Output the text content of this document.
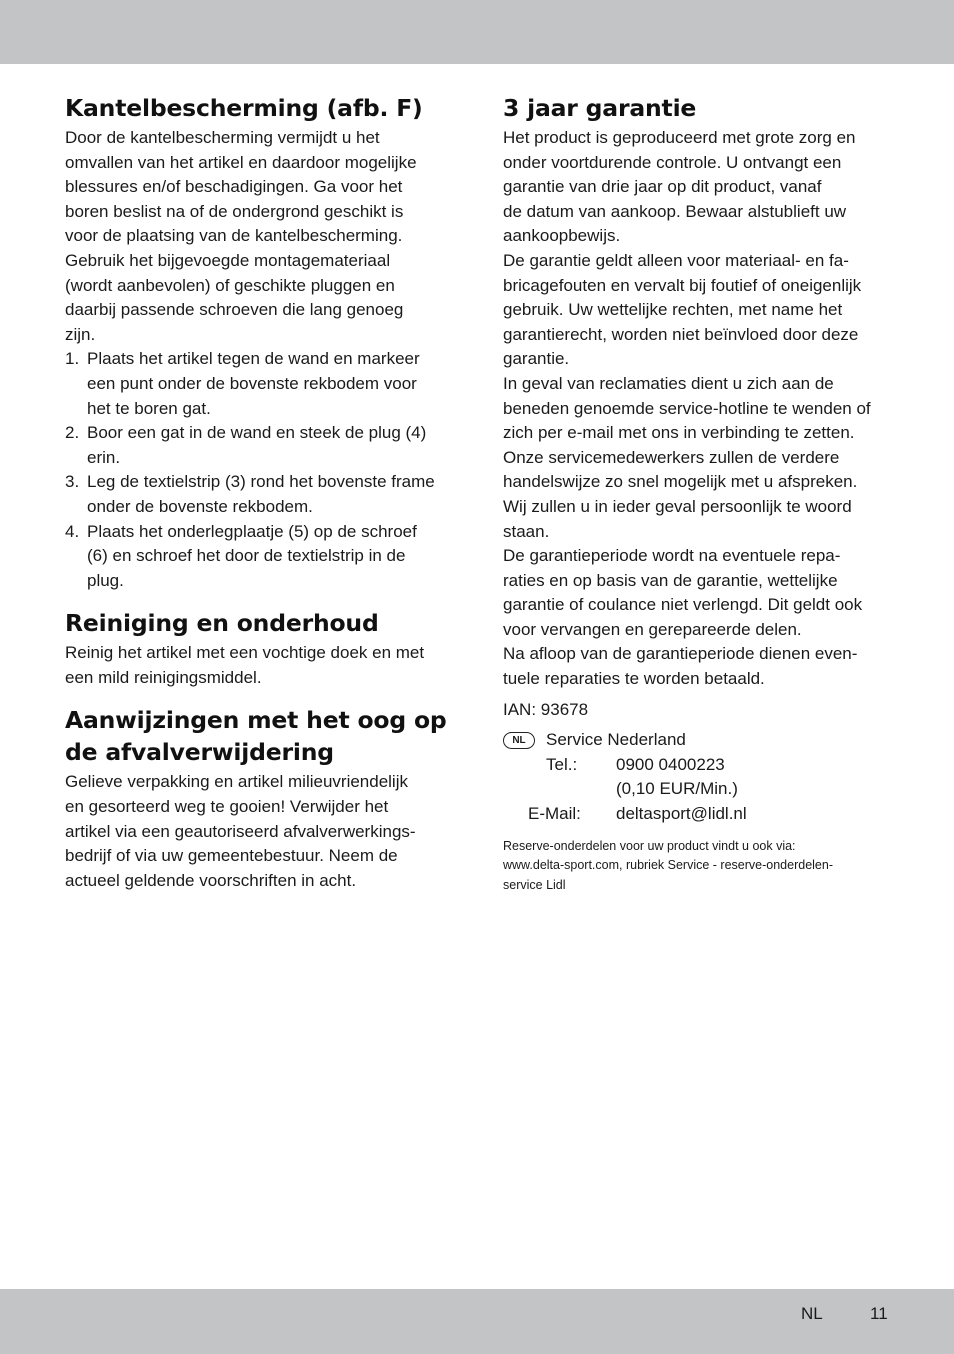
Kantelbescherming (afb. F)

Door de kantelbescherming vermijdt u het

omvallen van het artikel en daardoor mogelijke

blessures en/of beschadigingen. Ga voor het

boren beslist na of de ondergrond geschikt is

voor de plaatsing van de kantelbescherming.

Gebruik het bijgevoegde montagemateriaal

(wordt aanbevolen) of geschikte pluggen en

daarbij passende schroeven die lang genoeg

zijn.

1. Plaats het artikel tegen de wand en markeer
een punt onder de bovenste rekbodem voor
het te boren gat.
2. Boor een gat in de wand en steek de plug (4)
erin.
3. Leg de textielstrip (3) rond het bovenste frame
onder de bovenste rekbodem.
4. Plaats het onderlegplaatje (5) op de schroef
(6) en schroef het door de textielstrip in de
plug.
Reiniging en onderhoud

Reinig het artikel met een vochtige doek en met

een mild reinigingsmiddel.

Aanwijzingen met het oog op
de afvalverwijdering

Gelieve verpakking en artikel milieuvriendelijk

en gesorteerd weg te gooien! Verwijder het

artikel via een geautoriseerd afvalverwerkings-

bedrijf of via uw gemeentebestuur. Neem de

actueel geldende voorschriften in acht.

3 jaar garantie

Het product is geproduceerd met grote zorg en

onder voortdurende controle. U ontvangt een

garantie van drie jaar op dit product, vanaf

de datum van aankoop. Bewaar alstublieft uw

aankoopbewijs.

De garantie geldt alleen voor materiaal- en fa-

bricagefouten en vervalt bij foutief of oneigenlijk

gebruik. Uw wettelijke rechten, met name het

garantierecht, worden niet beïnvloed door deze

garantie.

In geval van reclamaties dient u zich aan de

beneden genoemde service-hotline te wenden of

zich per e-mail met ons in verbinding te zetten.

Onze servicemedewerkers zullen de verdere

handelswijze zo snel mogelijk met u afspreken.

Wij zullen u in ieder geval persoonlijk te woord

staan.

De garantieperiode wordt na eventuele repa-

raties en op basis van de garantie, wettelijke

garantie of coulance niet verlengd. Dit geldt ook

voor vervangen en gerepareerde delen.

Na afloop van de garantieperiode dienen even-

tuele reparaties te worden betaald.

IAN: 93678

NL	Service Nederland
Tel.: 0900 0400223
(0,10 EUR/Min.)
E-Mail: deltasport@lidl.nl
Reserve-onderdelen voor uw product vindt u ook via:
www.delta-sport.com, rubriek Service - reserve-onderdelen-
service Lidl
NL	11
